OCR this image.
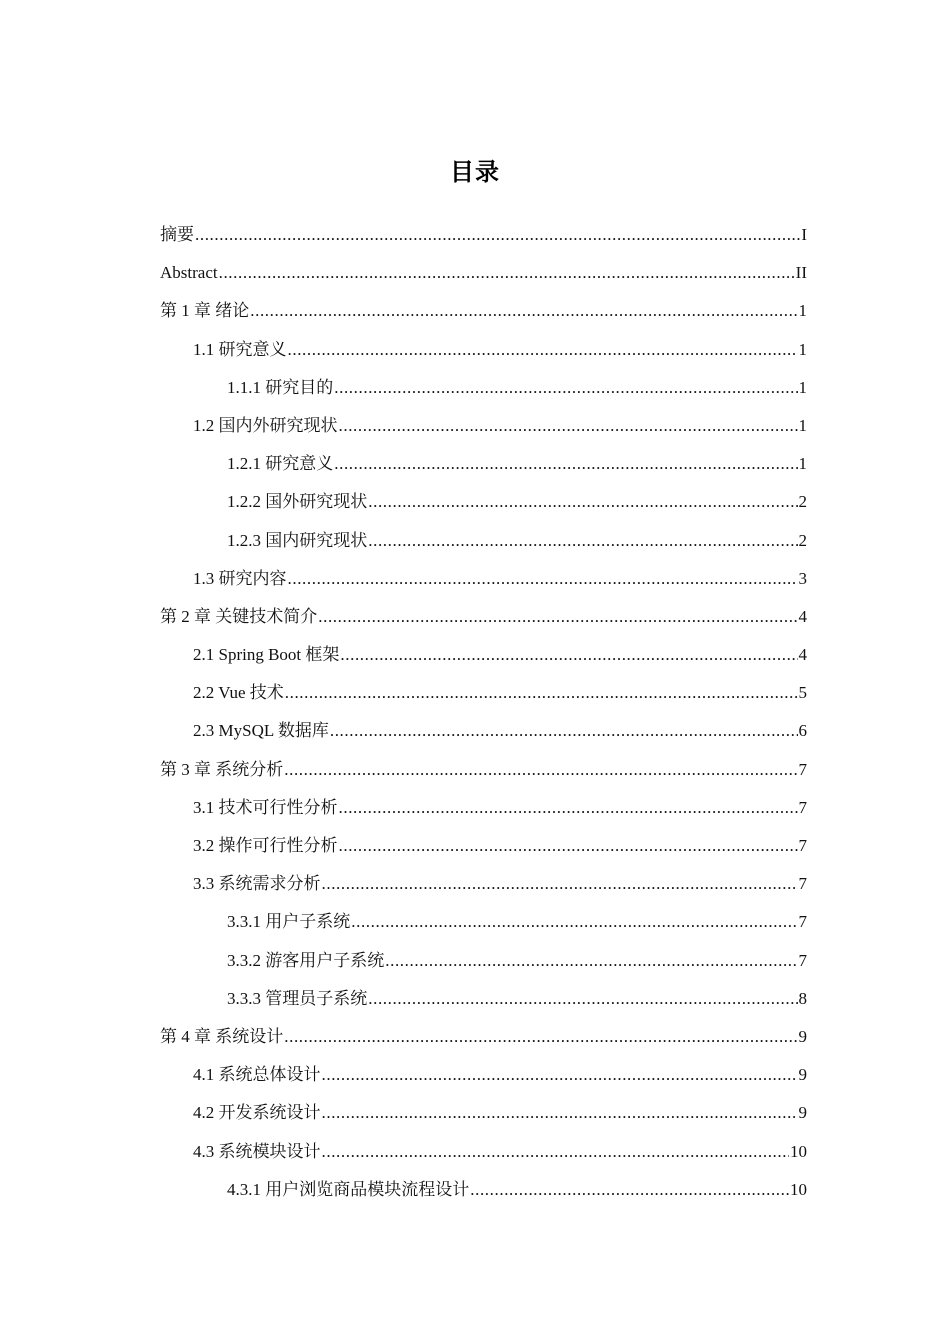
目录
摘要 .....	I
Abstract .....	II
第 1 章 绪论 .....	1
1.1 研究意义 .....	1
1.1.1 研究目的 .....	1
1.2 国内外研究现状 .....	1
1.2.1 研究意义 .....	1
1.2.2 国外研究现状 .....	2
1.2.3 国内研究现状 .....	2
1.3 研究内容 .....	3
第 2 章 关键技术简介 .....	4
2.1 Spring Boot 框架 .....	4
2.2 Vue 技术 .....	5
2.3 MySQL 数据库 .....	6
第 3 章 系统分析 .....	7
3.1 技术可行性分析 .....	7
3.2 操作可行性分析 .....	7
3.3 系统需求分析 .....	7
3.3.1 用户子系统 .....	7
3.3.2 游客用户子系统 .....	7
3.3.3 管理员子系统 .....	8
第 4 章 系统设计 .....	9
4.1 系统总体设计 .....	9
4.2 开发系统设计 .....	9
4.3 系统模块设计 .....	10
4.3.1 用户浏览商品模块流程设计 .....	10
